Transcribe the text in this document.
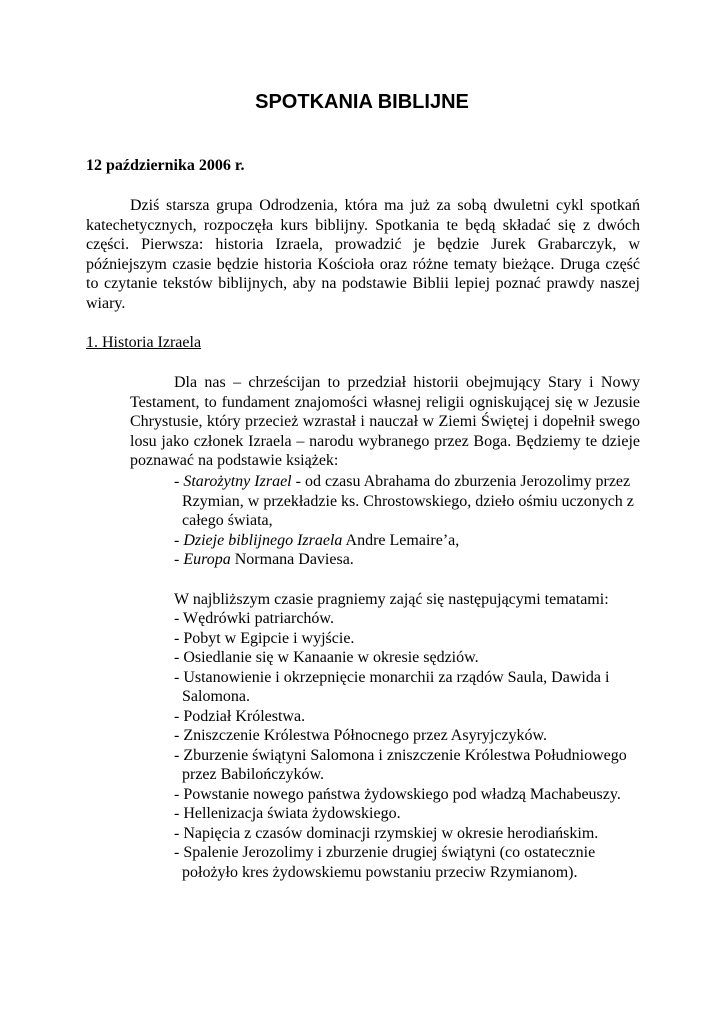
SPOTKANIA BIBLIJNE
12 października 2006 r.

Dziś starsza grupa Odrodzenia, która ma już za sobą dwuletni cykl spotkań katechetycznych, rozpoczęła kurs biblijny. Spotkania te będą składać się z dwóch części. Pierwsza: historia Izraela, prowadzić je będzie Jurek Grabarczyk, w późniejszym czasie będzie historia Kościoła oraz różne tematy bieżące. Druga część to czytanie tekstów biblijnych, aby na podstawie Biblii lepiej poznać prawdy naszej wiary.

1. Historia Izraela

Dla nas – chrześcijan to przedział historii obejmujący Stary i Nowy Testament, to fundament znajomości własnej religii ogniskującej się w Jezusie Chrystusie, który przecież wzrastał i nauczał w Ziemi Świętej i dopełnił swego losu jako członek Izraela – narodu wybranego przez Boga. Będziemy te dzieje poznawać na podstawie książek:

- Starożytny Izrael - od czasu Abrahama do zburzenia Jerozolimy przez Rzymian, w przekładzie ks. Chrostowskiego, dzieło ośmiu uczonych z całego świata,
- Dzieje biblijnego Izraela Andre Lemaire’a,
- Europa Normana Daviesa.

W najbliższym czasie pragniemy zająć się następującymi tematami:

- Wędrówki patriarchów.
- Pobyt w Egipcie i wyjście.
- Osiedlanie się w Kanaanie w okresie sędziów.
- Ustanowienie i okrzepnięcie monarchii za rządów Saula, Dawida i Salomona.
- Podział Królestwa.
- Zniszczenie Królestwa Północnego przez Asyryjczyków.
- Zburzenie świątyni Salomona i zniszczenie Królestwa Południowego przez Babilończyków.
- Powstanie nowego państwa żydowskiego pod władzą Machabeuszy.
- Hellenizacja świata żydowskiego.
- Napięcia z czasów dominacji rzymskiej w okresie herodiańskim.
- Spalenie Jerozolimy i zburzenie drugiej świątyni (co ostatecznie położyło kres żydowskiemu powstaniu przeciw Rzymianom).
